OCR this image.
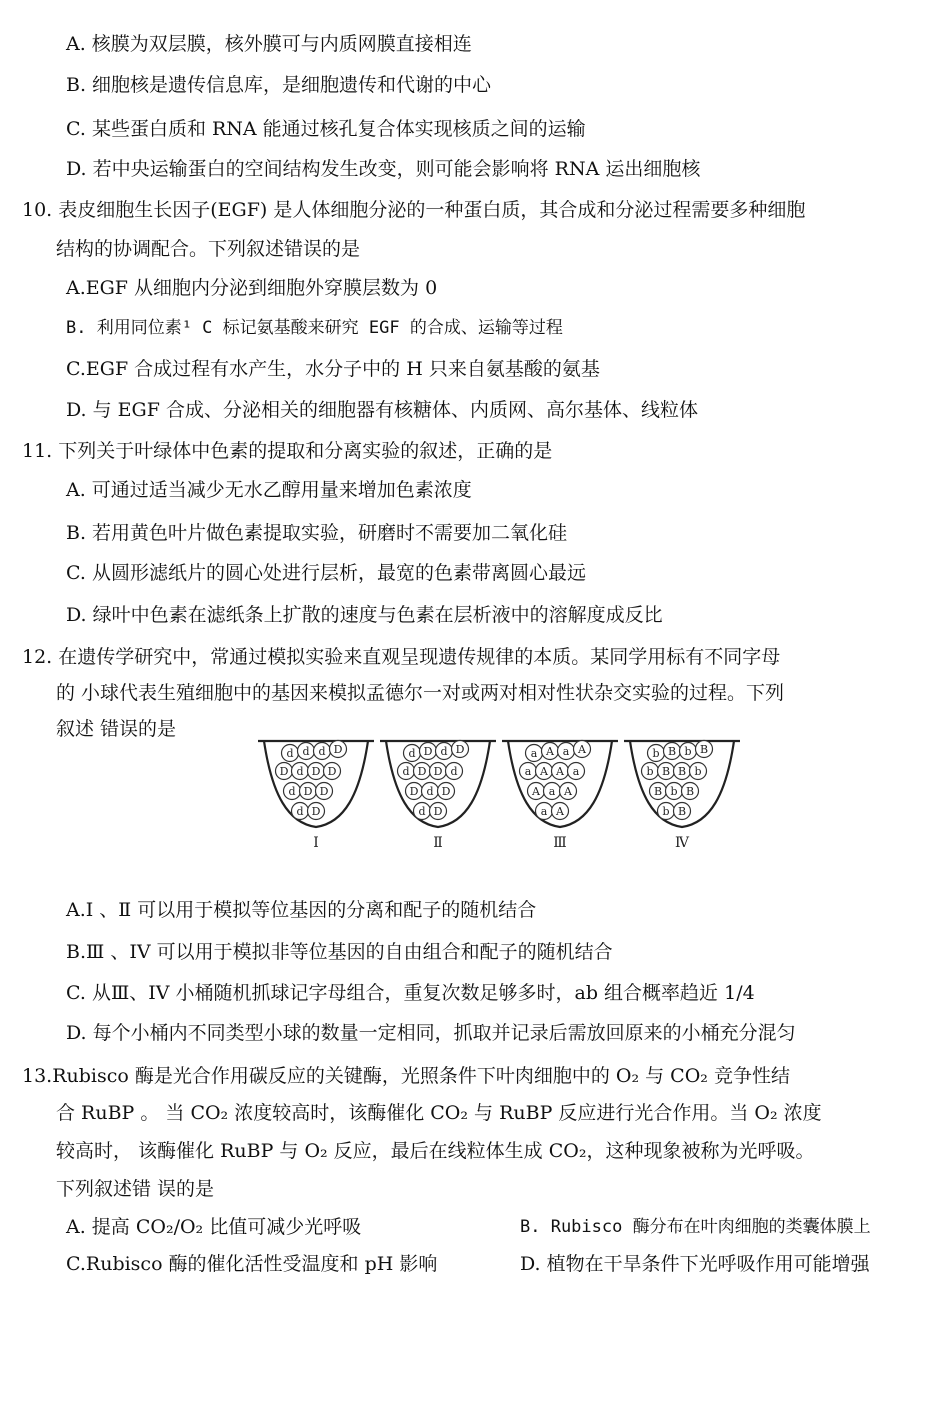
A. 核膜为双层膜，核外膜可与内质网膜直接相连
B. 细胞核是遗传信息库，是细胞遗传和代谢的中心
C. 某些蛋白质和 RNA 能通过核孔复合体实现核质之间的运输
D. 若中央运输蛋白的空间结构发生改变，则可能会影响将 RNA 运出细胞核
10. 表皮细胞生长因子(EGF) 是人体细胞分泌的一种蛋白质，其合成和分泌过程需要多种细胞
结构的协调配合。下列叙述错误的是
A.EGF 从细胞内分泌到细胞外穿膜层数为 0
B. 利用同位素¹ C 标记氨基酸来研究 EGF 的合成、运输等过程
C.EGF 合成过程有水产生，水分子中的 H 只来自氨基酸的氨基
D. 与 EGF 合成、分泌相关的细胞器有核糖体、内质网、高尔基体、线粒体
11. 下列关于叶绿体中色素的提取和分离实验的叙述，正确的是
A. 可通过适当减少无水乙醇用量来增加色素浓度
B. 若用黄色叶片做色素提取实验，研磨时不需要加二氧化硅
C. 从圆形滤纸片的圆心处进行层析，最宽的色素带离圆心最远
D. 绿叶中色素在滤纸条上扩散的速度与色素在层析液中的溶解度成反比
12. 在遗传学研究中，常通过模拟实验来直观呈现遗传规律的本质。某同学用标有不同字母
的 小球代表生殖细胞中的基因来模拟孟德尔一对或两对相对性状杂交实验的过程。下列
叙述 错误的是
d d d D
D d D D
d D D
d D
Ⅰ
d D d D
d D D d
D d D
d D
Ⅱ
a A a A
a A A a
A a A
a A
Ⅲ
b B b B
b B B b
B b B
b B
Ⅳ
A.I 、Ⅱ 可以用于模拟等位基因的分离和配子的随机结合
B.Ⅲ 、IV 可以用于模拟非等位基因的自由组合和配子的随机结合
C. 从Ⅲ、IV 小桶随机抓球记字母组合，重复次数足够多时，ab 组合概率趋近 1/4
D. 每个小桶内不同类型小球的数量一定相同，抓取并记录后需放回原来的小桶充分混匀
13.Rubisco 酶是光合作用碳反应的关键酶，光照条件下叶肉细胞中的 O₂ 与 CO₂ 竞争性结
合 RuBP 。 当 CO₂ 浓度较高时，该酶催化 CO₂ 与 RuBP 反应进行光合作用。当 O₂ 浓度
较高时， 该酶催化 RuBP 与 O₂ 反应，最后在线粒体生成 CO₂，这种现象被称为光呼吸。
下列叙述错 误的是
A. 提高 CO₂/O₂ 比值可减少光呼吸	B. Rubisco 酶分布在叶肉细胞的类囊体膜上
C.Rubisco 酶的催化活性受温度和 pH 影响	D. 植物在干旱条件下光呼吸作用可能增强
